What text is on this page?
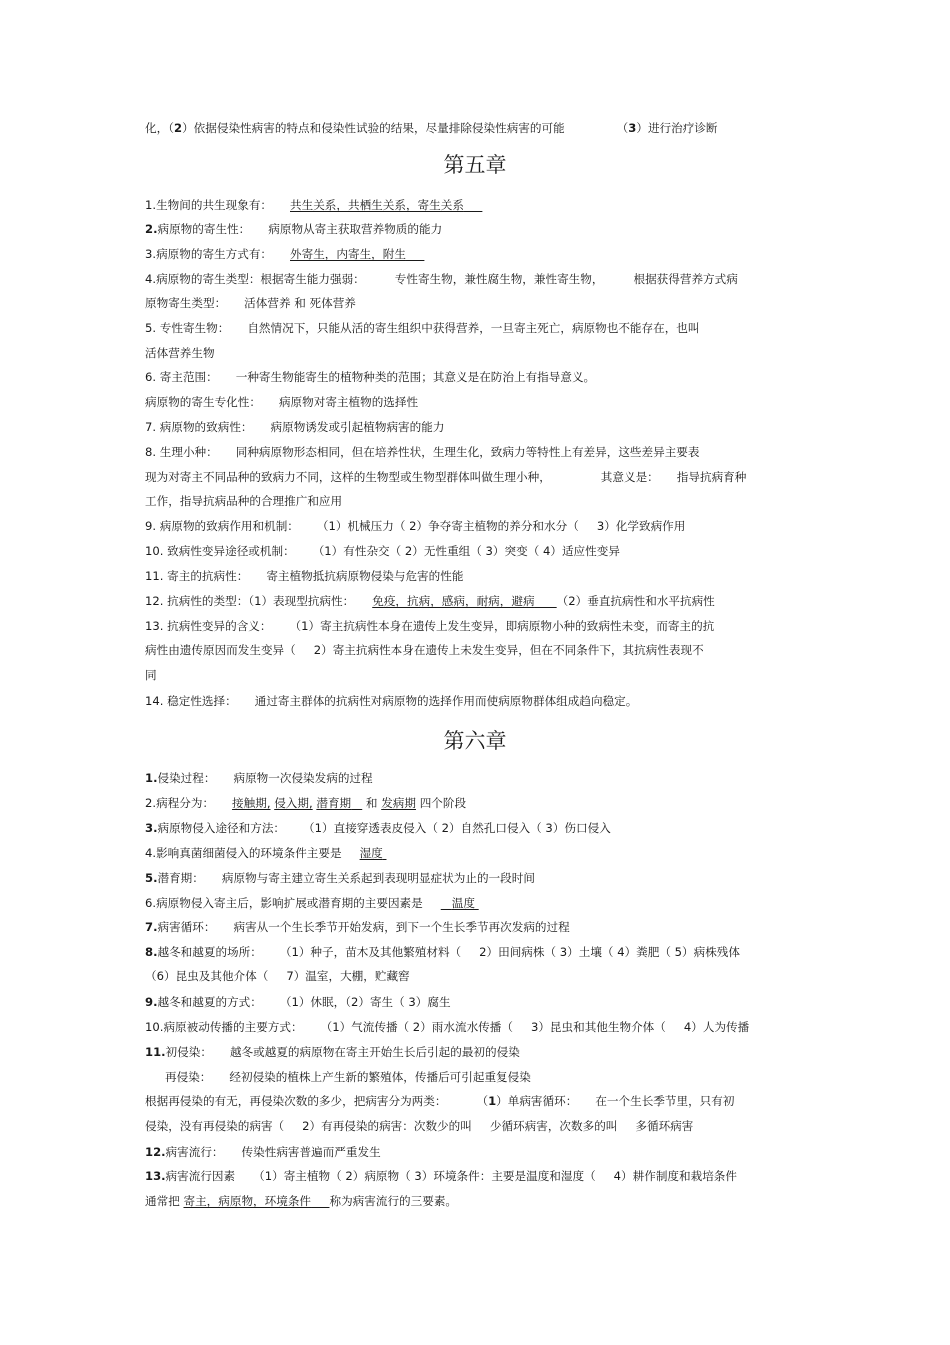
化，（2）依据侵染性病害的特点和侵染性试验的结果，尽量排除侵染性病害的可能	（3）进行治疗诊断
第五章
1.生物间的共生现象有： 共生关系，共栖生关系，寄生关系
2.病原物的寄生性： 病原物从寄主获取营养物质的能力
3.病原物的寄生方式有： 外寄生，内寄生，附生
4.病原物的寄生类型：根据寄生能力强弱：	专性寄生物，兼性腐生物，兼性寄生物，	根据获得营养方式病
原物寄生类型： 活体营养 和 死体营养
5. 专性寄生物： 自然情况下，只能从活的寄生组织中获得营养，一旦寄主死亡，病原物也不能存在，也叫
活体营养生物
6. 寄主范围： 一种寄生物能寄生的植物种类的范围；其意义是在防治上有指导意义。
病原物的寄生专化性： 病原物对寄主植物的选择性
7. 病原物的致病性： 病原物诱发或引起植物病害的能力
8. 生理小种： 同种病原物形态相同，但在培养性状，生理生化，致病力等特性上有差异，这些差异主要表
现为对寄主不同品种的致病力不同，这样的生物型或生物型群体叫做生理小种，	其意义是： 指导抗病育种
工作，指导抗病品种的合理推广和应用
9. 病原物的致病作用和机制： （1）机械压力（ 2）争夺寄主植物的养分和水分（ 3）化学致病作用
10. 致病性变异途径或机制： （1）有性杂交（ 2）无性重组（ 3）突变（ 4）适应性变异
11. 寄主的抗病性： 寄主植物抵抗病原物侵染与危害的性能
12. 抗病性的类型：（1）表现型抗病性： 免疫，抗病，感病，耐病，避病 （2）垂直抗病性和水平抗病性
13. 抗病性变异的含义： （1）寄主抗病性本身在遗传上发生变异，即病原物小种的致病性未变，而寄主的抗
病性由遗传原因而发生变异（ 2）寄主抗病性本身在遗传上未发生变异，但在不同条件下，其抗病性表现不
同
14. 稳定性选择： 通过寄主群体的抗病性对病原物的选择作用而使病原物群体组成趋向稳定。
第六章
1.侵染过程： 病原物一次侵染发病的过程
2.病程分为： 接触期, 侵入期, 潜育期 和 发病期 四个阶段
3.病原物侵入途径和方法： （1）直接穿透表皮侵入（ 2）自然孔口侵入（ 3）伤口侵入
4.影响真菌细菌侵入的环境条件主要是 湿度
5.潜育期： 病原物与寄主建立寄生关系起到表现明显症状为止的一段时间
6.病原物侵入寄主后，影响扩展或潜育期的主要因素是	温度
7.病害循环： 病害从一个生长季节开始发病，到下一个生长季节再次发病的过程
8.越冬和越夏的场所： （1）种子，苗木及其他繁殖材料（ 2）田间病株（ 3）土壤（ 4）粪肥（ 5）病株残体
（6）昆虫及其他介体（ 7）温室，大棚，贮藏窖
9.越冬和越夏的方式： （1）休眠，（2）寄生（ 3）腐生
10.病原被动传播的主要方式： （1）气流传播（ 2）雨水流水传播（ 3）昆虫和其他生物介体（ 4）人为传播
11.初侵染： 越冬或越夏的病原物在寄主开始生长后引起的最初的侵染
再侵染： 经初侵染的植株上产生新的繁殖体，传播后可引起重复侵染
根据再侵染的有无，再侵染次数的多少，把病害分为两类：	（1）单病害循环： 在一个生长季节里，只有初
侵染，没有再侵染的病害（ 2）有再侵染的病害：次数少的叫 少循环病害，次数多的叫 多循环病害
12.病害流行： 传染性病害普遍而严重发生
13.病害流行因素 （1）寄主植物（ 2）病原物（ 3）环境条件：主要是温度和湿度（ 4）耕作制度和栽培条件
通常把 寄主，病原物，环境条件 称为病害流行的三要素。
